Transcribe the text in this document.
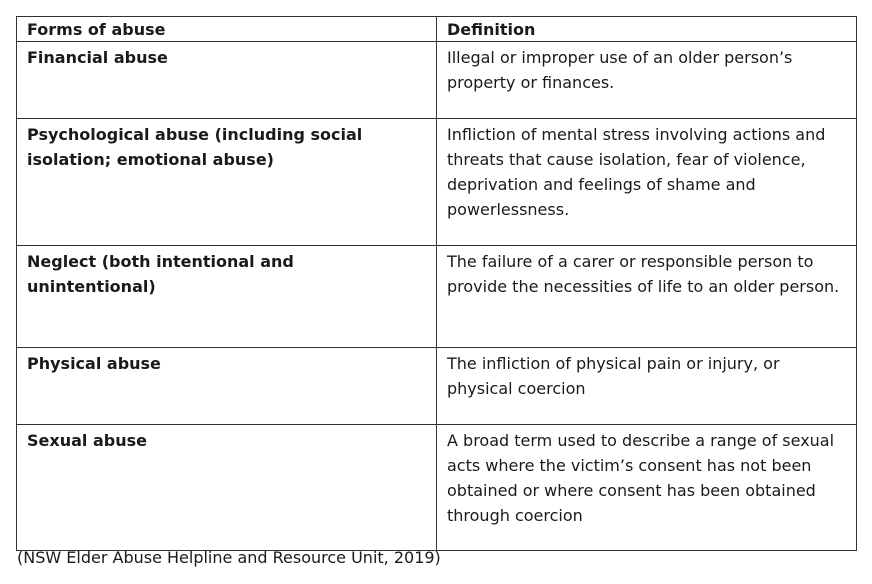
Forms of abuse	Definition
Financial abuse	Illegal or improper use of an older person’s property or finances.
Psychological abuse (including social isolation; emotional abuse)	Infliction of mental stress involving actions and threats that cause isolation, fear of violence, deprivation and feelings of shame and powerlessness.
Neglect (both intentional and unintentional)	The failure of a carer or responsible person to provide the necessities of life to an older person.
Physical abuse	The infliction of physical pain or injury, or physical coercion
Sexual abuse	A broad term used to describe a range of sexual acts where the victim’s consent has not been obtained or where consent has been obtained through coercion
(NSW Elder Abuse Helpline and Resource Unit, 2019)
